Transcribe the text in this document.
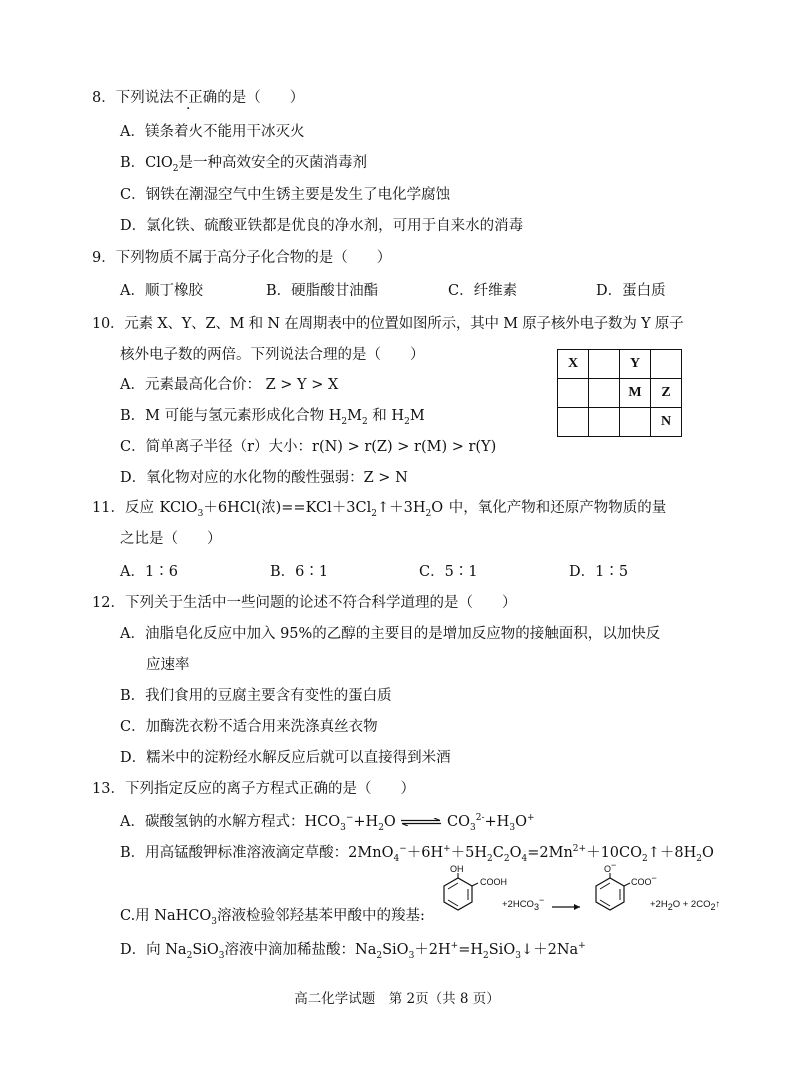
8．下列说法不正确的是（　　）
A．镁条着火不能用干冰灭火
B．ClO$_2$是一种高效安全的灭菌消毒剂
C．钢铁在潮湿空气中生锈主要是发生了电化学腐蚀
D．氯化铁、硫酸亚铁都是优良的净水剂，可用于自来水的消毒
9．下列物质不属于高分子化合物的是（　　）
A．顺丁橡胶	B．硬脂酸甘油酯	C．纤维素	D．蛋白质
10．元素 X、Y、Z、M 和 N 在周期表中的位置如图所示，其中 M 原子核外电子数为 Y 原子
核外电子数的两倍。下列说法合理的是（　　）
A．元素最高化合价： Z > Y > X
B．M 可能与氢元素形成化合物 $H_2M_2$ 和 $H_2M$
C．简单离子半径（r）大小：r(N) > r(Z) > r(M) > r(Y)
D．氧化物对应的水化物的酸性强弱：Z > N
X		Y	
		M	Z
			N
11．反应 KClO$_3$＋6HCl(浓)$==KCl+3Cl_2↑+3H_2O$ 中，氧化产物和还原产物物质的量
之比是（　　）
A．1∶6	B．6∶1	C．5∶1	D．1∶5
12．下列关于生活中一些问题的论述不符合科学道理的是（　　）
A．油脂皂化反应中加入 95%的乙醇的主要目的是增加反应物的接触面积，以加快反
应速率
B．我们食用的豆腐主要含有变性的蛋白质
C．加酶洗衣粉不适合用来洗涤真丝衣物
D．糯米中的淀粉经水解反应后就可以直接得到米酒
13．下列指定反应的离子方程式正确的是（　　）
A．碳酸氢钠的水解方程式：$HCO_3^-+H_2O$ ⇌ $CO_3^{2-}+H_3O^+$
B．用高锰酸钾标准溶液滴定草酸：$2MnO_4^-+6H^++5H_2C_2O_4=2Mn^{2+}+10CO_2↑+8H_2O$
C.用 NaHCO$_3$溶液检验邻羟基苯甲酸中的羧基:
OH
COOH
$+2HCO_3^-$
O−
COO−
$+2H_2O$ + $2CO_2↑$
D．向 $Na_2SiO_3$溶液中滴加稀盐酸：$Na_2SiO_3+2H^+=H_2SiO_3↓+2Na^+$
高二化学试题　第 2页（共 8 页）
